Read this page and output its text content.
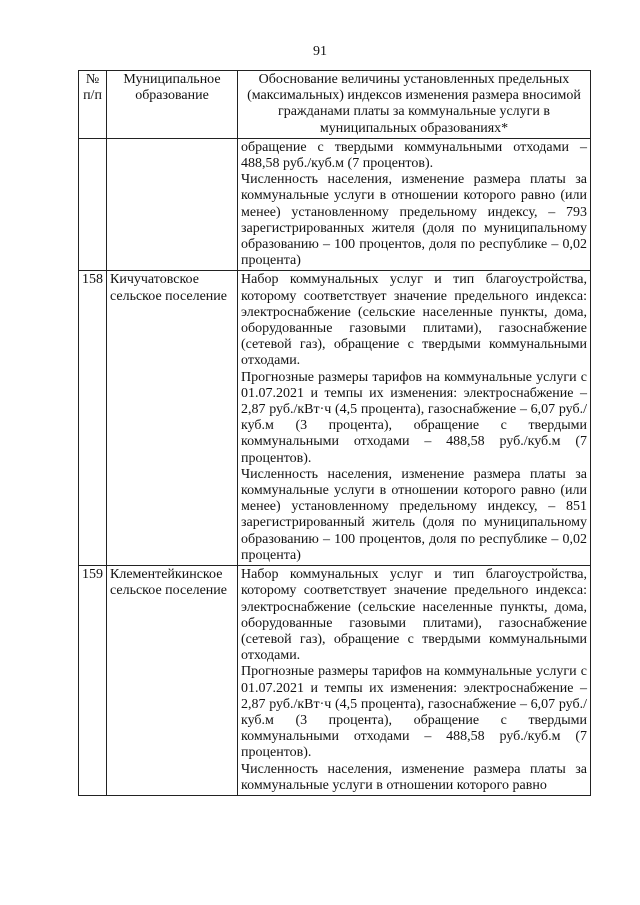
91
№ п/п	Муниципальное образование	Обоснование величины установленных предельных (максимальных) индексов изменения размера вносимой гражданами платы за коммунальные услуги в муниципальных образованиях*

		обращение с твердыми коммунальными отходами – 488,58 руб./куб.м (7 процентов).

Численность населения, изменение размера платы за коммунальные услуги в отношении которого равно (или менее) установленному предельному индексу, – 793 зарегистрированных жителя (доля по муниципальному образованию – 100 процентов, доля по республике – 0,02 процента)

158	Кичучатовское сельское поселение	Набор коммунальных услуг и тип благоустройства, которому соответствует значение предельного индекса: электроснабжение (сельские населенные пункты, дома, оборудованные газовыми плитами), газоснабжение (сетевой газ), обращение с твердыми коммунальными отходами.

Прогнозные размеры тарифов на коммунальные услуги с 01.07.2021 и темпы их изменения: электроснабжение – 2,87 руб./кВт·ч (4,5 процента), газоснабжение – 6,07 руб./куб.м (3 процента), обращение с твердыми коммунальными отходами – 488,58 руб./куб.м (7 процентов).

Численность населения, изменение размера платы за коммунальные услуги в отношении которого равно (или менее) установленному предельному индексу, – 851 зарегистрированный житель (доля по муниципальному образованию – 100 процентов, доля по республике – 0,02 процента)

159	Клементейкинское сельское поселение	Набор коммунальных услуг и тип благоустройства, которому соответствует значение предельного индекса: электроснабжение (сельские населенные пункты, дома, оборудованные газовыми плитами), газоснабжение (сетевой газ), обращение с твердыми коммунальными отходами.

Прогнозные размеры тарифов на коммунальные услуги с 01.07.2021 и темпы их изменения: электроснабжение – 2,87 руб./кВт·ч (4,5 процента), газоснабжение – 6,07 руб./куб.м (3 процента), обращение с твердыми коммунальными отходами – 488,58 руб./куб.м (7 процентов).

Численность населения, изменение размера платы за коммунальные услуги в отношении которого равно
